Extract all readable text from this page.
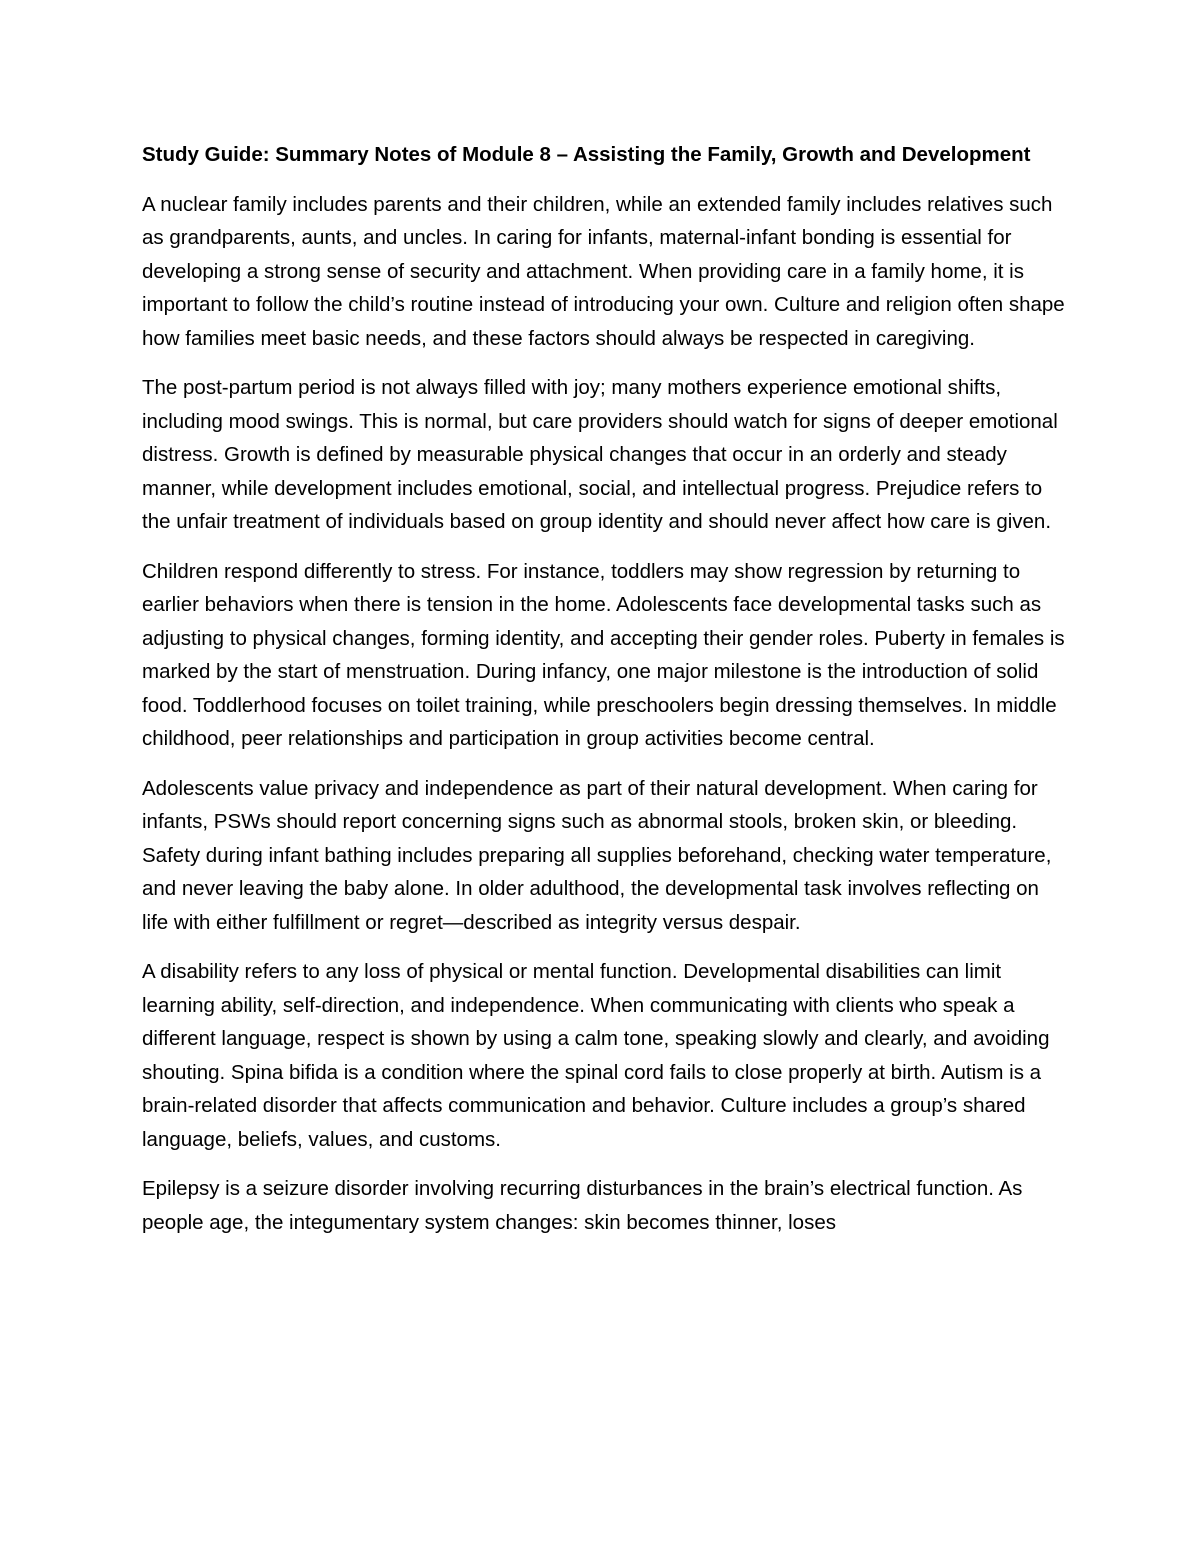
Study Guide: Summary Notes of Module 8 – Assisting the Family, Growth and Development

A nuclear family includes parents and their children, while an extended family includes relatives such as grandparents, aunts, and uncles. In caring for infants, maternal-infant bonding is essential for developing a strong sense of security and attachment. When providing care in a family home, it is important to follow the child’s routine instead of introducing your own. Culture and religion often shape how families meet basic needs, and these factors should always be respected in caregiving.

The post-partum period is not always filled with joy; many mothers experience emotional shifts, including mood swings. This is normal, but care providers should watch for signs of deeper emotional distress. Growth is defined by measurable physical changes that occur in an orderly and steady manner, while development includes emotional, social, and intellectual progress. Prejudice refers to the unfair treatment of individuals based on group identity and should never affect how care is given.

Children respond differently to stress. For instance, toddlers may show regression by returning to earlier behaviors when there is tension in the home. Adolescents face developmental tasks such as adjusting to physical changes, forming identity, and accepting their gender roles. Puberty in females is marked by the start of menstruation. During infancy, one major milestone is the introduction of solid food. Toddlerhood focuses on toilet training, while preschoolers begin dressing themselves. In middle childhood, peer relationships and participation in group activities become central.

Adolescents value privacy and independence as part of their natural development. When caring for infants, PSWs should report concerning signs such as abnormal stools, broken skin, or bleeding. Safety during infant bathing includes preparing all supplies beforehand, checking water temperature, and never leaving the baby alone. In older adulthood, the developmental task involves reflecting on life with either fulfillment or regret—described as integrity versus despair.

A disability refers to any loss of physical or mental function. Developmental disabilities can limit learning ability, self-direction, and independence. When communicating with clients who speak a different language, respect is shown by using a calm tone, speaking slowly and clearly, and avoiding shouting. Spina bifida is a condition where the spinal cord fails to close properly at birth. Autism is a brain-related disorder that affects communication and behavior. Culture includes a group’s shared language, beliefs, values, and customs.

Epilepsy is a seizure disorder involving recurring disturbances in the brain’s electrical function. As people age, the integumentary system changes: skin becomes thinner, loses
